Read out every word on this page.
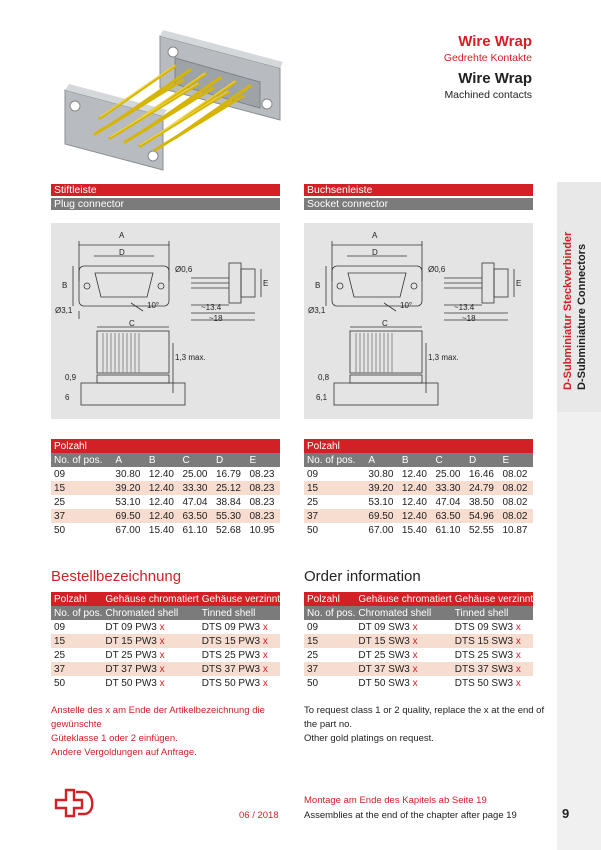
Wire Wrap
Gedrehte Kontakte
Wire Wrap
Machined contacts
D-Subminiatur Steckverbinder D-Subminiature Connectors
Stiftleiste
Plug connector
A
D
B
Ø3,1
10°
Ø0,6
E
~13.4
~18
C
1,3 max.
0,9
6
Polzahl					
No. of pos.	A	B	C	D	E
09	30.80	12.40	25.00	16.79	08.23
15	39.20	12.40	33.30	25.12	08.23
25	53.10	12.40	47.04	38.84	08.23
37	69.50	12.40	63.50	55.30	08.23
50	67.00	15.40	61.10	52.68	10.95
Buchsenleiste
Socket connector
A
D
B
Ø3,1
10°
Ø0,6
E
~13.4
~18
C
1,3 max.
0,8
6,1
Polzahl					
No. of pos.	A	B	C	D	E
09	30.80	12.40	25.00	16.46	08.02
15	39.20	12.40	33.30	24.79	08.02
25	53.10	12.40	47.04	38.50	08.02
37	69.50	12.40	63.50	54.96	08.02
50	67.00	15.40	61.10	52.55	10.87
Bestellbezeichnung
Polzahl	Gehäuse chromatiert	Gehäuse verzinnt
No. of pos.	Chromated shell	Tinned shell
09	DT 09 PW3 x	DTS 09 PW3 x
15	DT 15 PW3 x	DTS 15 PW3 x
25	DT 25 PW3 x	DTS 25 PW3 x
37	DT 37 PW3 x	DTS 37 PW3 x
50	DT 50 PW3 x	DTS 50 PW3 x
Anstelle des x am Ende der Artikelbezeichnung die gewünschte
Güteklasse 1 oder 2 einfügen.
Andere Vergoldungen auf Anfrage.
Order information
Polzahl	Gehäuse chromatiert	Gehäuse verzinnt
No. of pos.	Chromated shell	Tinned shell
09	DT 09 SW3 x	DTS 09 SW3 x
15	DT 15 SW3 x	DTS 15 SW3 x
25	DT 25 SW3 x	DTS 25 SW3 x
37	DT 37 SW3 x	DTS 37 SW3 x
50	DT 50 SW3 x	DTS 50 SW3 x
To request class 1 or 2 quality, replace the x at the end of
the part no.
Other gold platings on request.
06 / 2018
Montage am Ende des Kapitels ab Seite 19
Assemblies at the end of the chapter after page 19	9
